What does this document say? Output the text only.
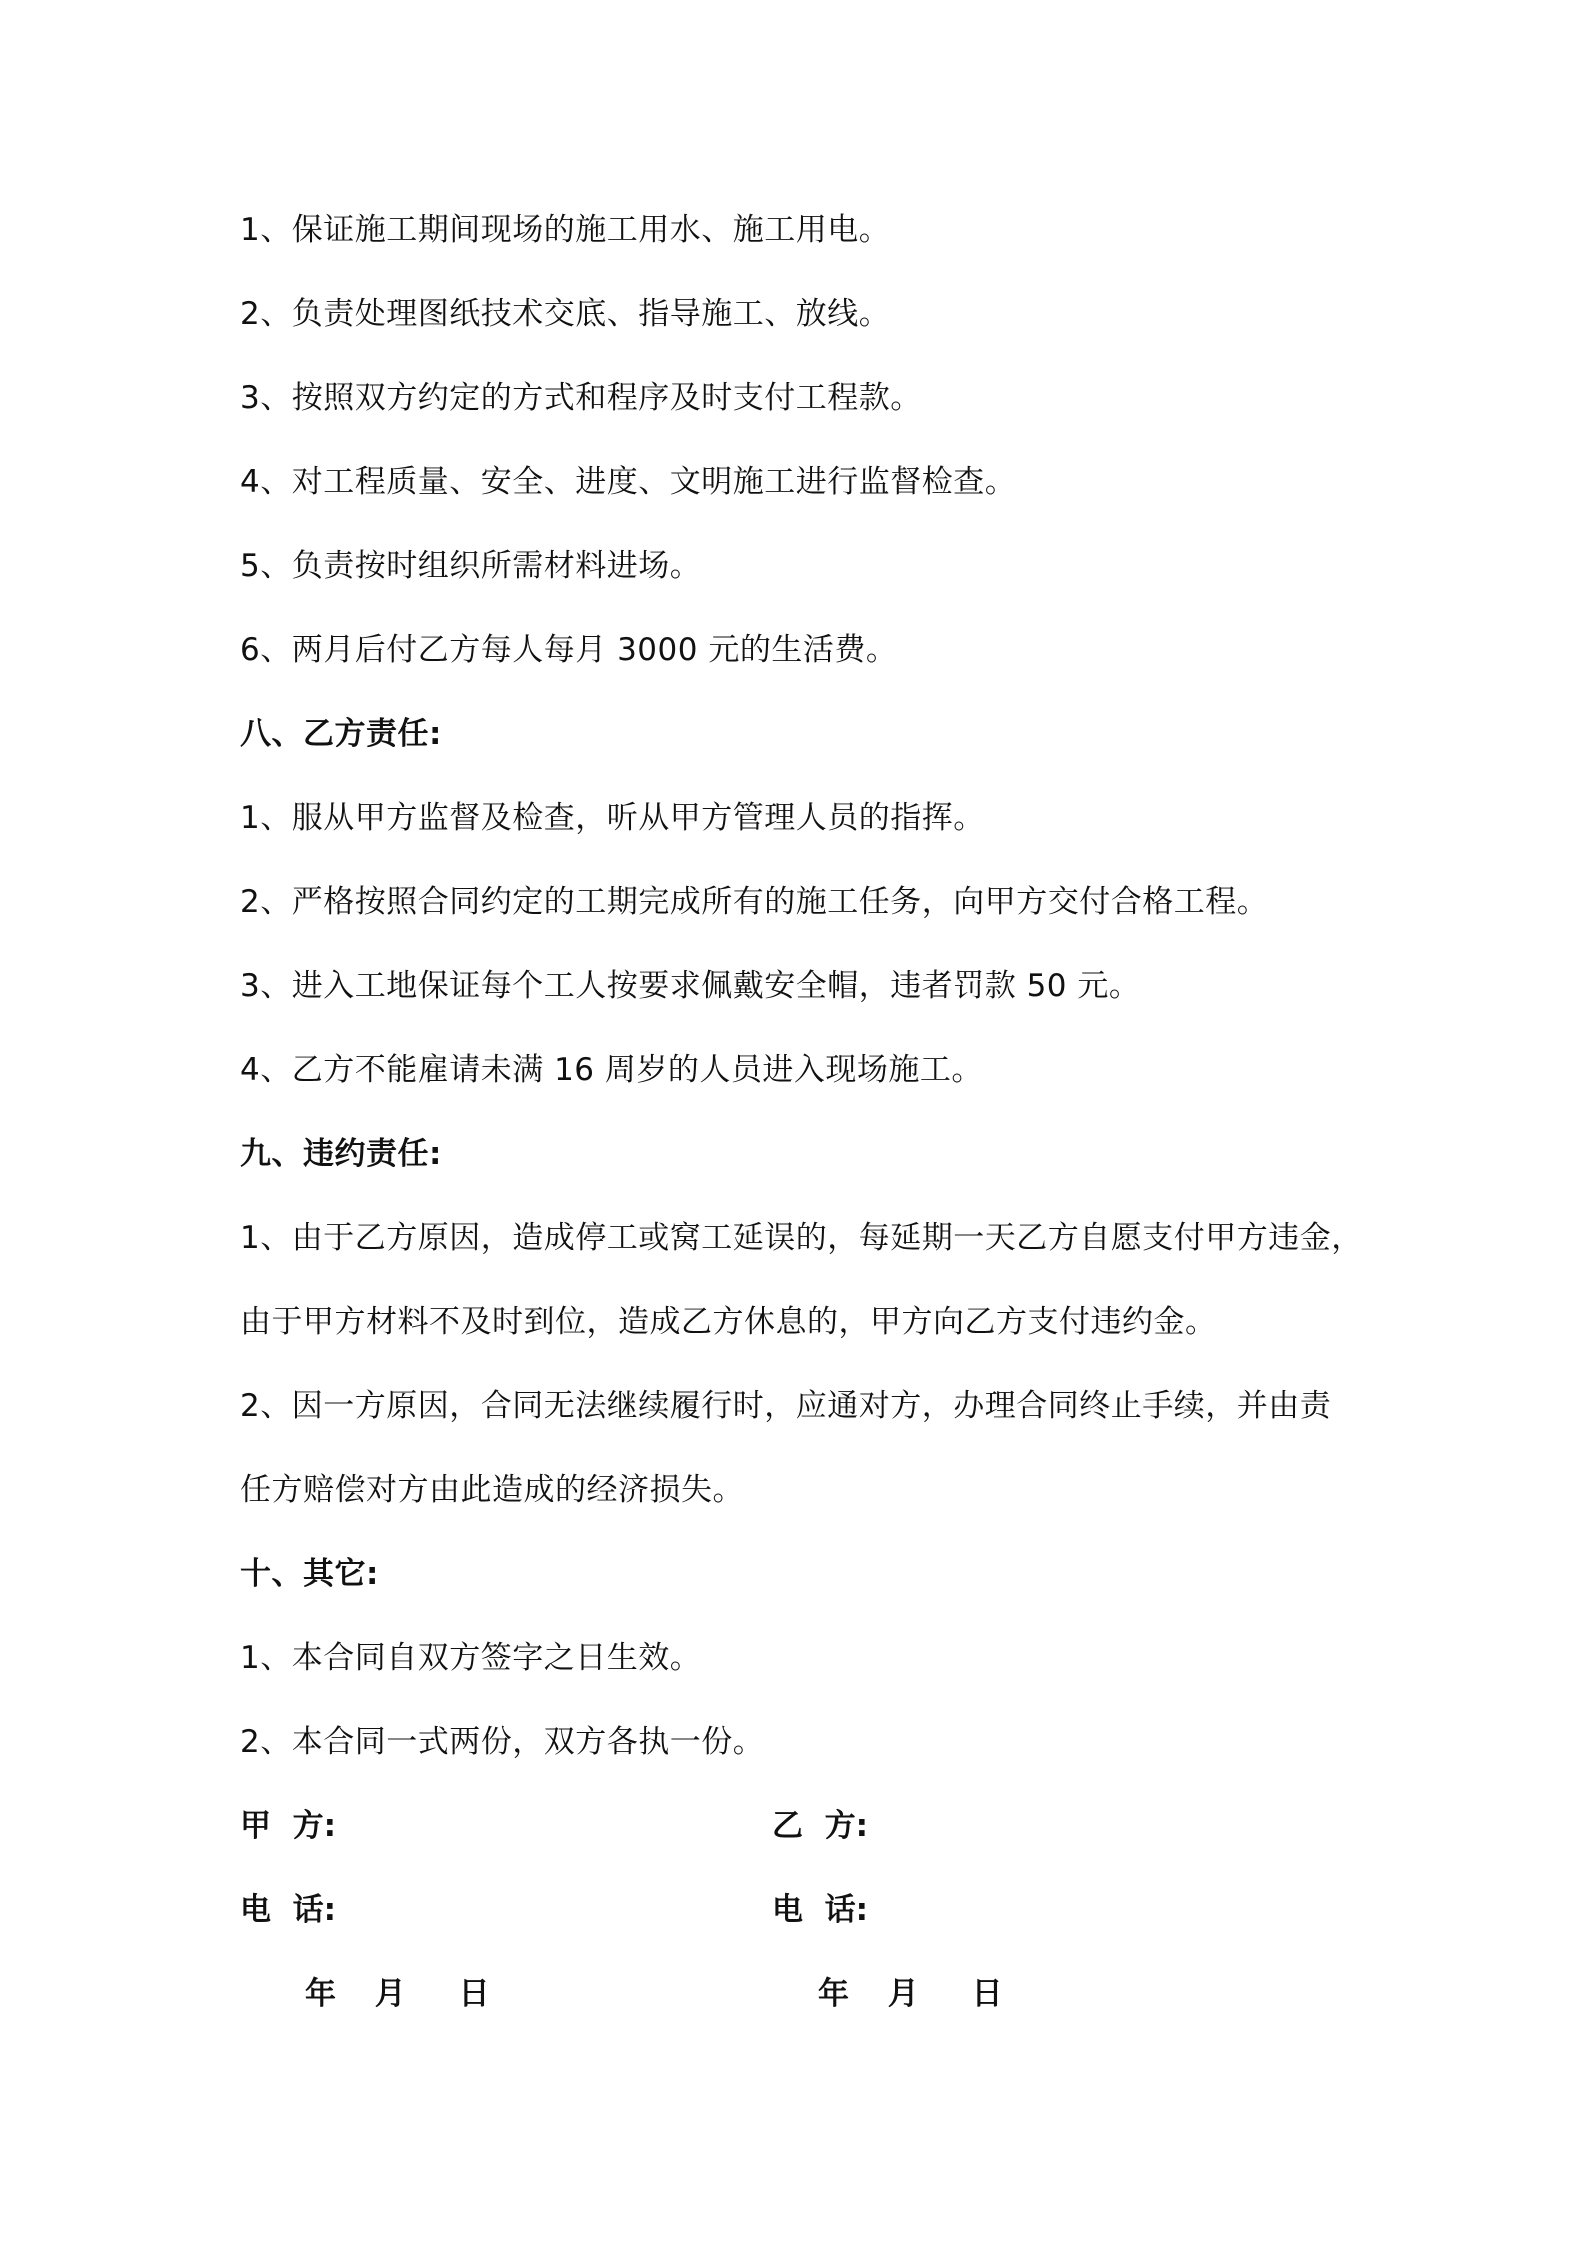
1、保证施工期间现场的施工用水、施工用电。
2、负责处理图纸技术交底、指导施工、放线。
3、按照双方约定的方式和程序及时支付工程款。
4、对工程质量、安全、进度、文明施工进行监督检查。
5、负责按时组织所需材料进场。
6、两月后付乙方每人每月 3000 元的生活费。
八、乙方责任:
1、服从甲方监督及检查，听从甲方管理人员的指挥。
2、严格按照合同约定的工期完成所有的施工任务，向甲方交付合格工程。
3、进入工地保证每个工人按要求佩戴安全帽，违者罚款 50 元。
4、乙方不能雇请未满 16 周岁的人员进入现场施工。
九、违约责任:
1、由于乙方原因，造成停工或窝工延误的，每延期一天乙方自愿支付甲方违金，
由于甲方材料不及时到位，造成乙方休息的，甲方向乙方支付违约金。
2、因一方原因，合同无法继续履行时，应通对方，办理合同终止手续，并由责
任方赔偿对方由此造成的经济损失。
十、其它:
1、本合同自双方签字之日生效。
2、本合同一式两份，双方各执一份。
甲  方:	乙  方:
电  话:	电  话:
年 月 日	年 月 日
